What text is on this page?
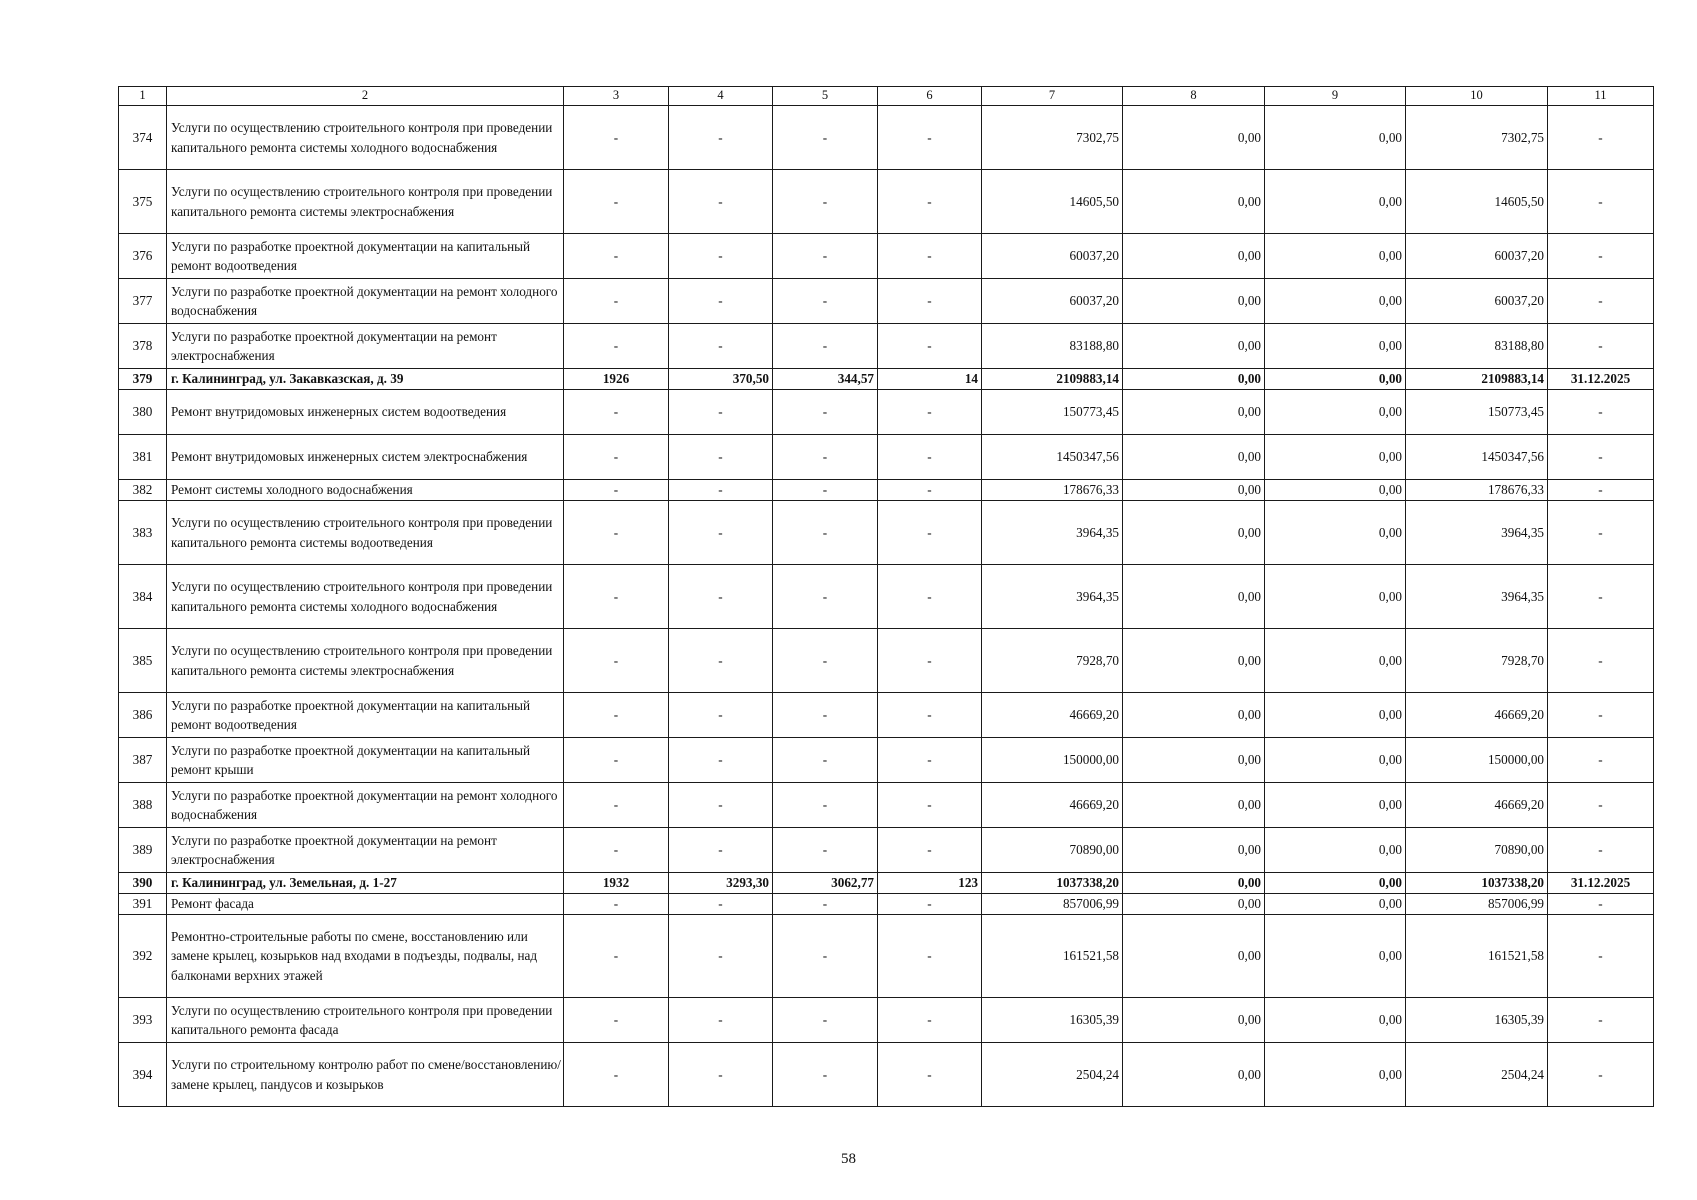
1	2	3	4	5	6	7	8	9	10	11
374	Услуги по осуществлению строительного контроля при проведении капитального ремонта системы холодного водоснабжения	-	-	-	-	7302,75	0,00	0,00	7302,75	-
375	Услуги по осуществлению строительного контроля при проведении капитального ремонта системы электроснабжения	-	-	-	-	14605,50	0,00	0,00	14605,50	-
376	Услуги по разработке проектной документации на капитальный ремонт водоотведения	-	-	-	-	60037,20	0,00	0,00	60037,20	-
377	Услуги по разработке проектной документации на ремонт холодного водоснабжения	-	-	-	-	60037,20	0,00	0,00	60037,20	-
378	Услуги по разработке проектной документации на ремонт электроснабжения	-	-	-	-	83188,80	0,00	0,00	83188,80	-
379	г. Калининград, ул. Закавказская, д. 39	1926	370,50	344,57	14	2109883,14	0,00	0,00	2109883,14	31.12.2025
380	Ремонт внутридомовых инженерных систем водоотведения	-	-	-	-	150773,45	0,00	0,00	150773,45	-
381	Ремонт внутридомовых инженерных систем электроснабжения	-	-	-	-	1450347,56	0,00	0,00	1450347,56	-
382	Ремонт системы холодного водоснабжения	-	-	-	-	178676,33	0,00	0,00	178676,33	-
383	Услуги по осуществлению строительного контроля при проведении капитального ремонта системы водоотведения	-	-	-	-	3964,35	0,00	0,00	3964,35	-
384	Услуги по осуществлению строительного контроля при проведении капитального ремонта системы холодного водоснабжения	-	-	-	-	3964,35	0,00	0,00	3964,35	-
385	Услуги по осуществлению строительного контроля при проведении капитального ремонта системы электроснабжения	-	-	-	-	7928,70	0,00	0,00	7928,70	-
386	Услуги по разработке проектной документации на капитальный ремонт водоотведения	-	-	-	-	46669,20	0,00	0,00	46669,20	-
387	Услуги по разработке проектной документации на капитальный ремонт крыши	-	-	-	-	150000,00	0,00	0,00	150000,00	-
388	Услуги по разработке проектной документации на ремонт холодного водоснабжения	-	-	-	-	46669,20	0,00	0,00	46669,20	-
389	Услуги по разработке проектной документации на ремонт электроснабжения	-	-	-	-	70890,00	0,00	0,00	70890,00	-
390	г. Калининград, ул. Земельная, д. 1-27	1932	3293,30	3062,77	123	1037338,20	0,00	0,00	1037338,20	31.12.2025
391	Ремонт фасада	-	-	-	-	857006,99	0,00	0,00	857006,99	-
392	Ремонтно-строительные работы по смене, восстановлению или замене крылец, козырьков над входами в подъезды, подвалы, над балконами верхних этажей	-	-	-	-	161521,58	0,00	0,00	161521,58	-
393	Услуги по осуществлению строительного контроля при проведении капитального ремонта фасада	-	-	-	-	16305,39	0,00	0,00	16305,39	-
394	Услуги по строительному контролю работ по смене/восстановлению/замене крылец, пандусов и козырьков	-	-	-	-	2504,24	0,00	0,00	2504,24	-
58
